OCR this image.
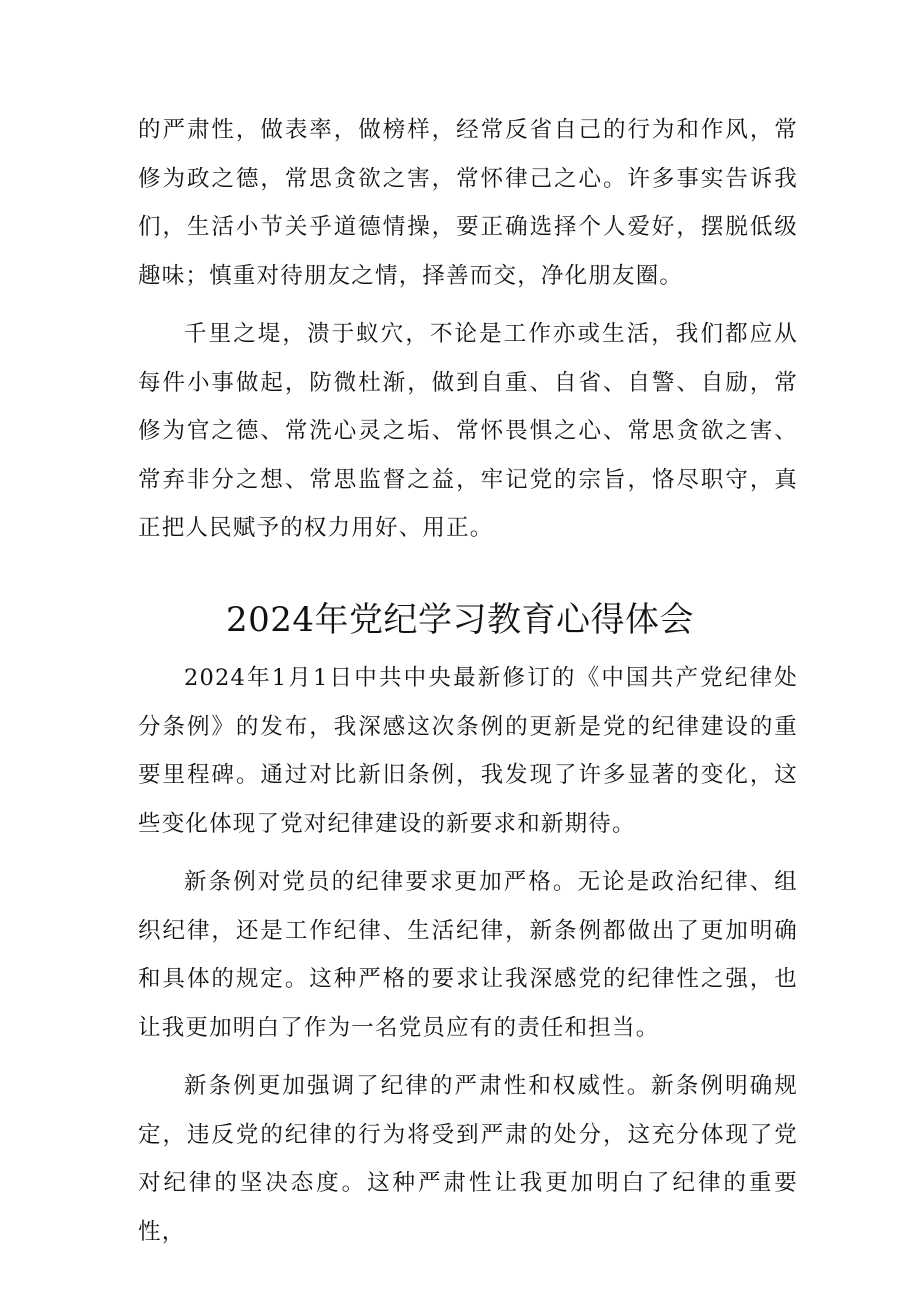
的严肃性，做表率，做榜样，经常反省自己的行为和作风，常修为政之德，常思贪欲之害，常怀律己之心。许多事实告诉我们，生活小节关乎道德情操，要正确选择个人爱好，摆脱低级趣味；慎重对待朋友之情，择善而交，净化朋友圈。

千里之堤，溃于蚁穴，不论是工作亦或生活，我们都应从每件小事做起，防微杜渐，做到自重、自省、自警、自励，常修为官之德、常洗心灵之垢、常怀畏惧之心、常思贪欲之害、常弃非分之想、常思监督之益，牢记党的宗旨，恪尽职守，真正把人民赋予的权力用好、用正。

2024年党纪学习教育心得体会

2024年1月1日中共中央最新修订的《中国共产党纪律处分条例》的发布，我深感这次条例的更新是党的纪律建设的重要里程碑。通过对比新旧条例，我发现了许多显著的变化，这些变化体现了党对纪律建设的新要求和新期待。

新条例对党员的纪律要求更加严格。无论是政治纪律、组织纪律，还是工作纪律、生活纪律，新条例都做出了更加明确和具体的规定。这种严格的要求让我深感党的纪律性之强，也让我更加明白了作为一名党员应有的责任和担当。

新条例更加强调了纪律的严肃性和权威性。新条例明确规定，违反党的纪律的行为将受到严肃的处分，这充分体现了党对纪律的坚决态度。这种严肃性让我更加明白了纪律的重要性，
